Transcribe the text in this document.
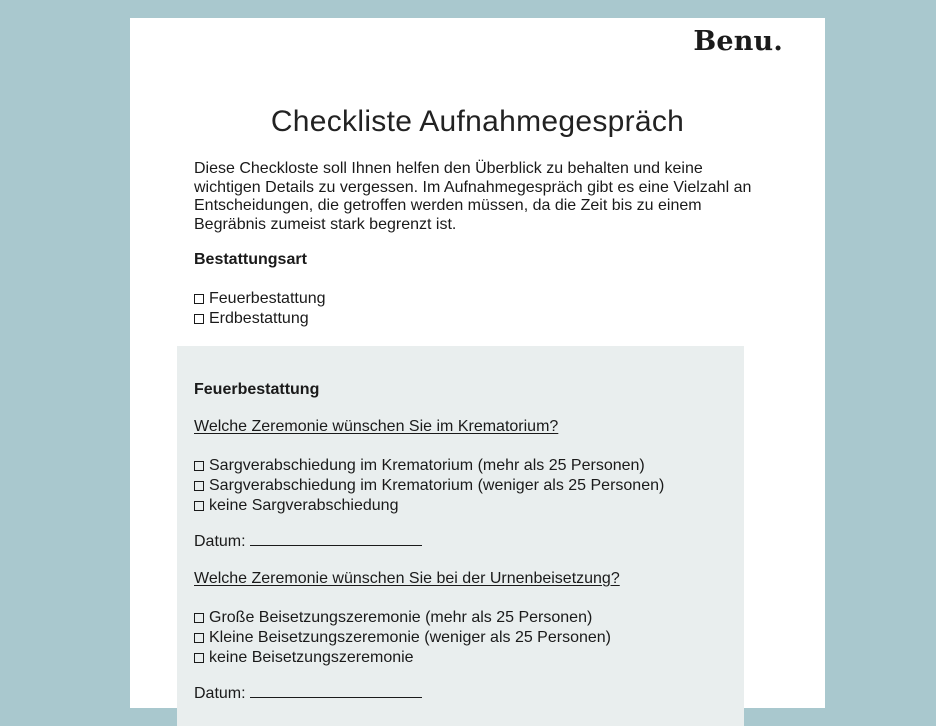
Benu.
Checkliste Aufnahmegespräch

Diese Checkloste soll Ihnen helfen den Überblick zu behalten und keine wichtigen Details zu vergessen. Im Aufnahmegespräch gibt es eine Vielzahl an Entscheidungen, die getroffen werden müssen, da die Zeit bis zu einem Begräbnis zumeist stark begrenzt ist.

Bestattungsart
Feuerbestattung
Erdbestattung
Feuerbestattung
Welche Zeremonie wünschen Sie im Krematorium?
Sargverabschiedung im Krematorium (mehr als 25 Personen)
Sargverabschiedung im Krematorium (weniger als 25 Personen)
keine Sargverabschiedung
Datum:
Welche Zeremonie wünschen Sie bei der Urnenbeisetzung?
Große Beisetzungszeremonie (mehr als 25 Personen)
Kleine Beisetzungszeremonie (weniger als 25 Personen)
keine Beisetzungszeremonie
Datum:
